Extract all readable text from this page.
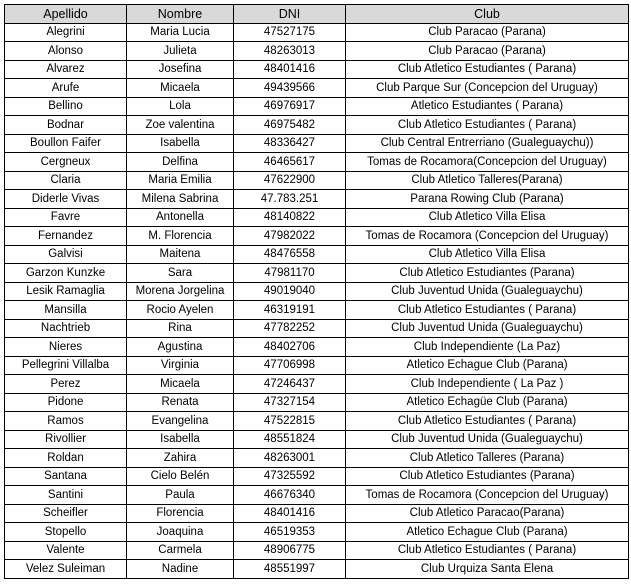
Apellido	Nombre	DNI	Club
Alegrini	Maria Lucia	47527175	Club Paracao (Parana)
Alonso	Julieta	48263013	Club Paracao (Parana)
Alvarez	Josefina	48401416	Club Atletico Estudiantes ( Parana)
Arufe	Micaela	49439566	Club Parque Sur (Concepcion del Uruguay)
Bellino	Lola	46976917	Atletico Estudiantes ( Parana)
Bodnar	Zoe valentina	46975482	Club Atletico Estudiantes ( Parana)
Boullon Faifer	Isabella	48336427	Club Central Entrerriano (Gualeguaychu))
Cergneux	Delfina	46465617	Tomas de Rocamora(Concepcion del Uruguay)
Claria	Maria Emilia	47622900	Club Atletico Talleres(Parana)
Diderle Vivas	Milena Sabrina	47.783.251	Parana Rowing Club (Parana)
Favre	Antonella	48140822	Club Atletico Villa Elisa
Fernandez	M. Florencia	47982022	Tomas de Rocamora (Concepcion del Uruguay)
Galvisi	Maitena	48476558	Club Atletico Villa Elisa
Garzon Kunzke	Sara	47981170	Club Atletico Estudiantes (Parana)
Lesik Ramaglia	Morena Jorgelina	49019040	Club Juventud Unida (Gualeguaychu)
Mansilla	Rocio Ayelen	46319191	Club Atletico Estudiantes ( Parana)
Nachtrieb	Rina	47782252	Club Juventud Unida (Gualeguaychu)
Nieres	Agustina	48402706	Club Independiente (La Paz)
Pellegrini Villalba	Virginia	47706998	Atletico Echague Club (Parana)
Perez	Micaela	47246437	Club Independiente ( La Paz )
Pidone	Renata	47327154	Atletico Echagüe Club (Parana)
Ramos	Evangelina	47522815	Club Atletico Estudiantes ( Parana)
Rivollier	Isabella	48551824	Club Juventud Unida (Gualeguaychu)
Roldan	Zahira	48263001	Club Atletico Talleres (Parana)
Santana	Cielo Belén	47325592	Club Atletico Estudiantes (Parana)
Santini	Paula	46676340	Tomas de Rocamora (Concepcion del Uruguay)
Scheifler	Florencia	48401416	Club Atletico Paracao(Parana)
Stopello	Joaquina	46519353	Atletico Echague Club (Parana)
Valente	Carmela	48906775	Club Atletico Estudiantes ( Parana)
Velez Suleiman	Nadine	48551997	Club Urquiza Santa Elena
